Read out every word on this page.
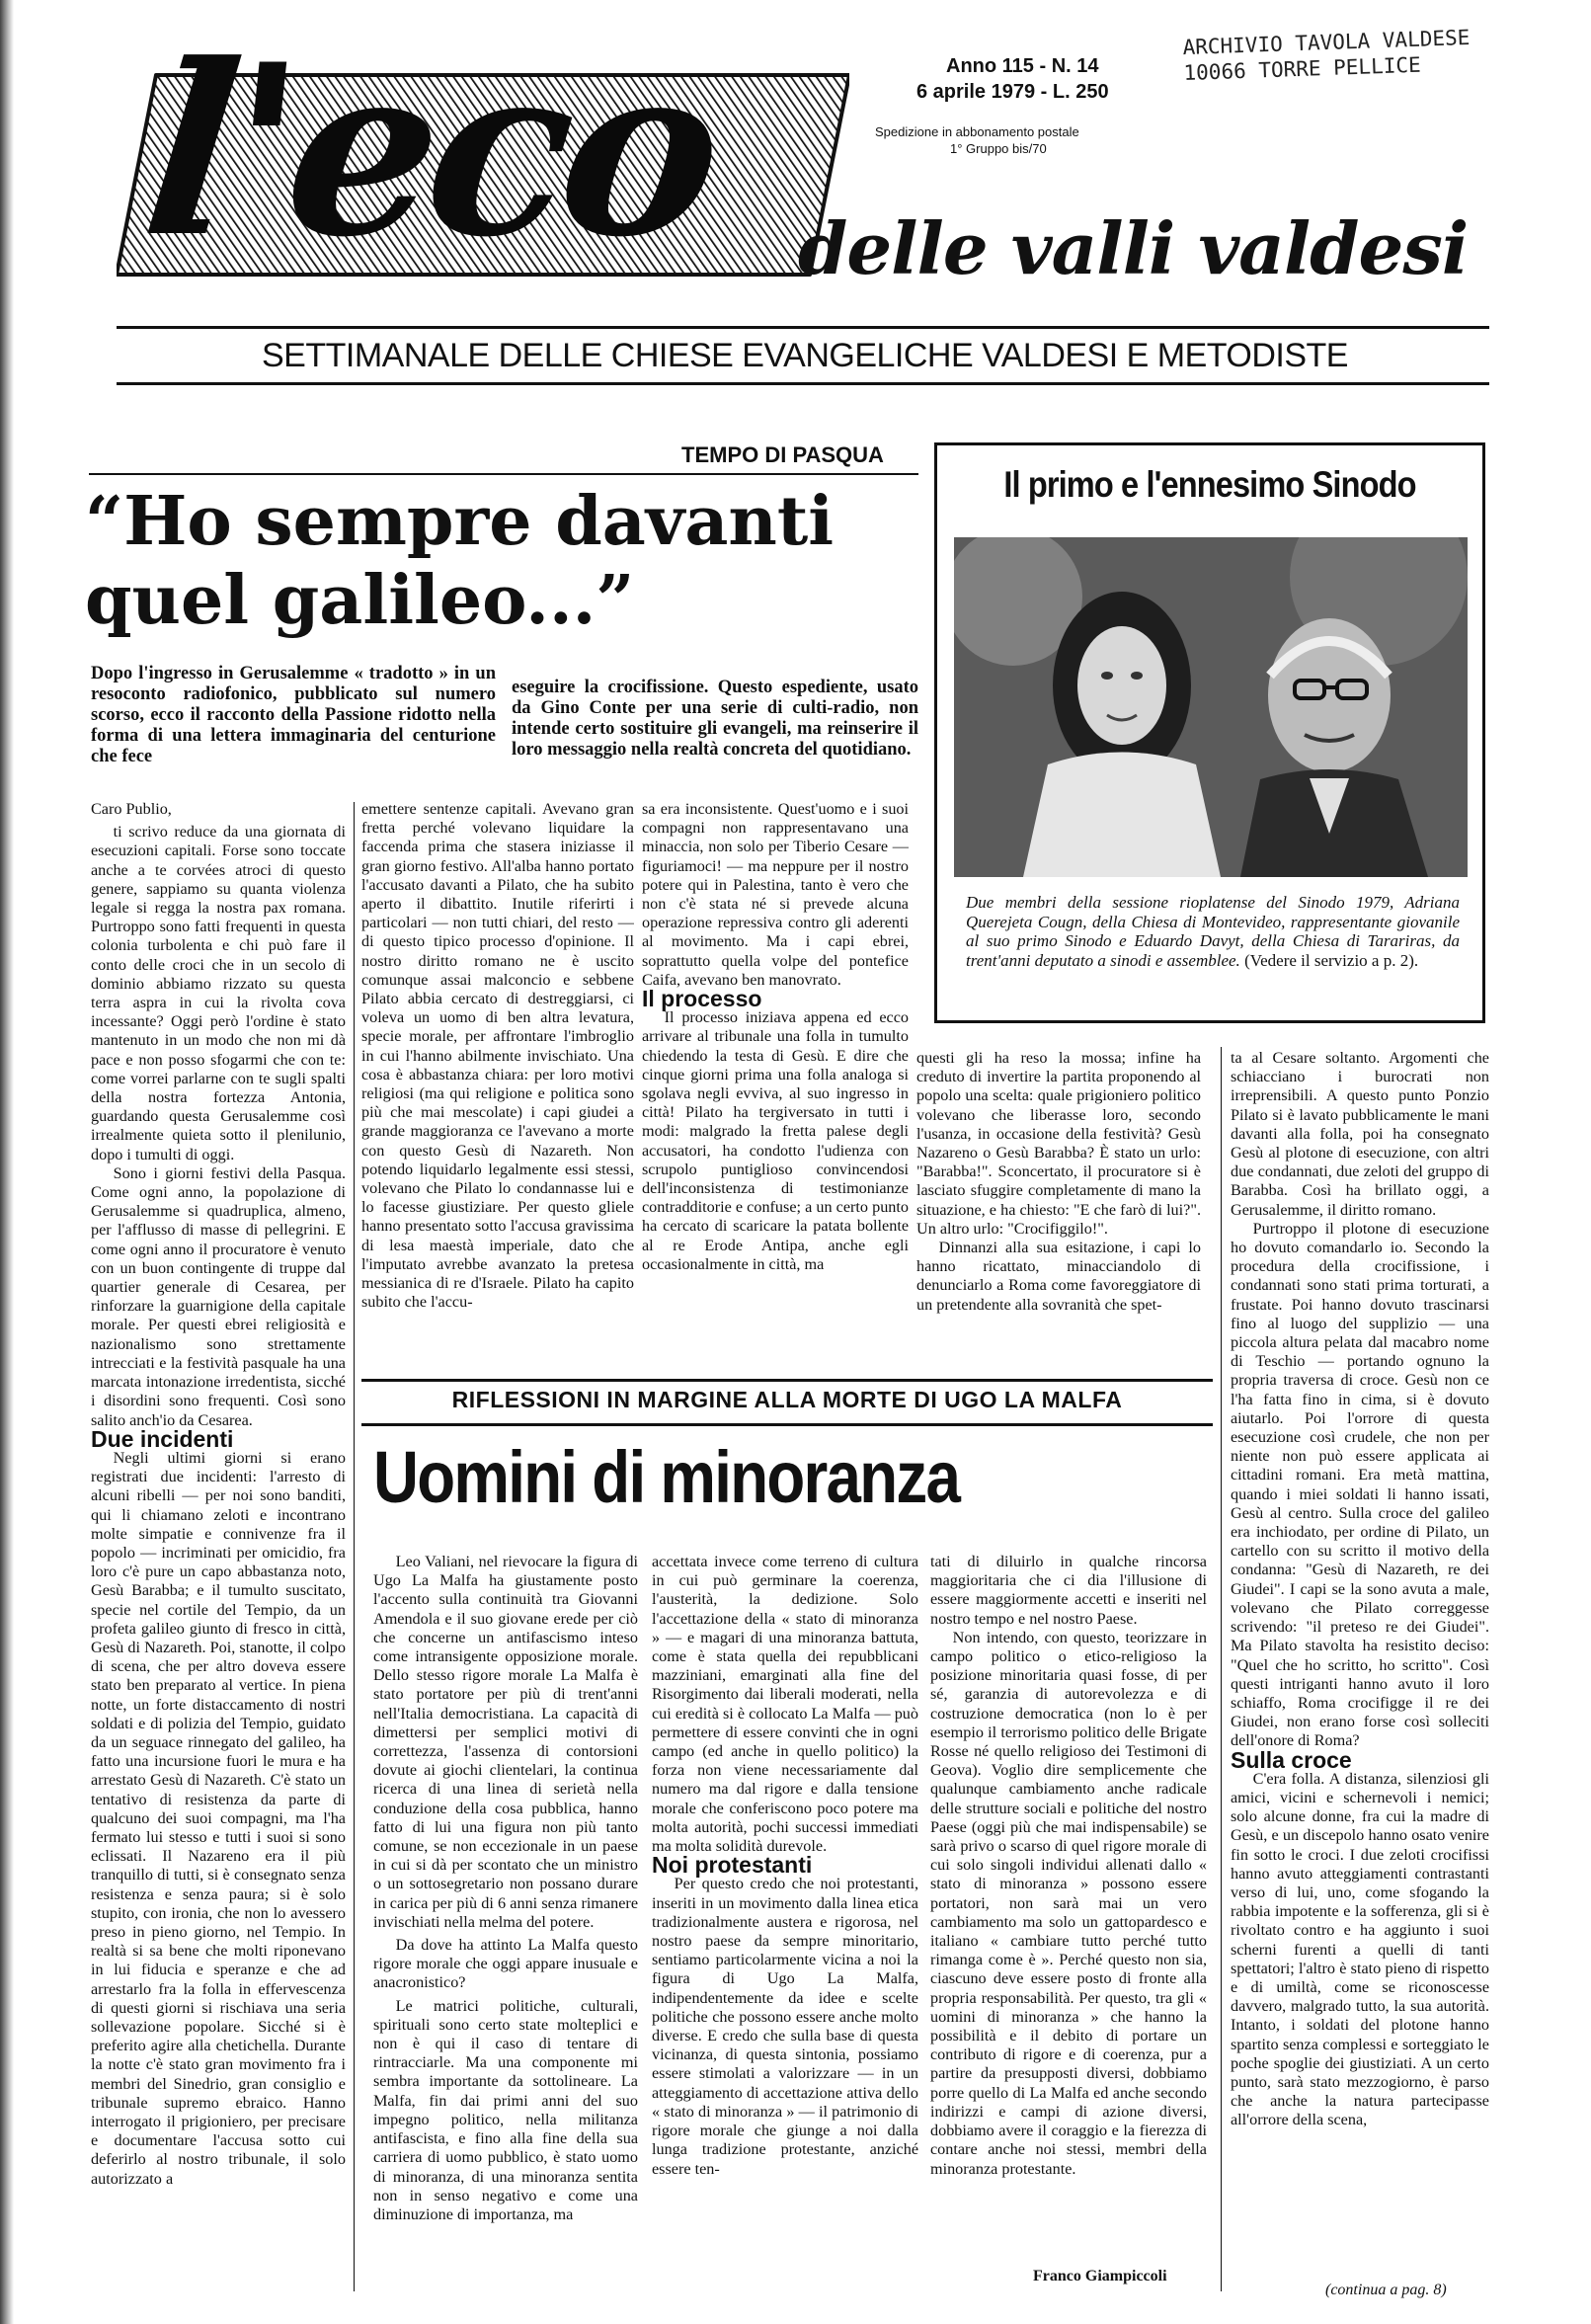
l'eco delle valli valdesi
Anno 115 - N. 14
6 aprile 1979 - L. 250
Spedizione in abbonamento postale
1° Gruppo bis/70
ARCHIVIO TAVOLA VALDESE
10066 TORRE PELLICE
SETTIMANALE DELLE CHIESE EVANGELICHE VALDESI E METODISTE
TEMPO DI PASQUA
“Ho sempre davanti
quel galileo...”
Dopo l'ingresso in Gerusalemme « tradotto » in un resoconto radiofonico, pubblicato sul numero scorso, ecco il racconto della Passione ridotto nella forma di una lettera immaginaria del centurione che fece
eseguire la crocifissione. Questo espediente, usato da Gino Conte per una serie di culti-radio, non intende certo sostituire gli evangeli, ma reinserire il loro messaggio nella realtà concreta del quotidiano.

Caro Publio,

ti scrivo reduce da una giornata di esecuzioni capitali. Forse sono toccate anche a te corvées atroci di questo genere, sappiamo su quanta violenza legale si regga la nostra pax romana. Purtroppo sono fatti frequenti in questa colonia turbolenta e chi può fare il conto delle croci che in un secolo di dominio abbiamo rizzato su questa terra aspra in cui la rivolta cova incessante? Oggi però l'ordine è stato mantenuto in un modo che non mi dà pace e non posso sfogarmi che con te: come vorrei parlarne con te sugli spalti della nostra fortezza Antonia, guardando questa Gerusalemme così irrealmente quieta sotto il plenilunio, dopo i tumulti di oggi.

Sono i giorni festivi della Pasqua. Come ogni anno, la popolazione di Gerusalemme si quadruplica, almeno, per l'afflusso di masse di pellegrini. E come ogni anno il procuratore è venuto con un buon contingente di truppe dal quartier generale di Cesarea, per rinforzare la guarnigione della capitale morale. Per questi ebrei religiosità e nazionalismo sono strettamente intrecciati e la festività pasquale ha una marcata intonazione irredentista, sicché i disordini sono frequenti. Così sono salito anch'io da Cesarea.

Due incidenti

Negli ultimi giorni si erano registrati due incidenti: l'arresto di alcuni ribelli — per noi sono banditi, qui li chiamano zeloti e incontrano molte simpatie e connivenze fra il popolo — incriminati per omicidio, fra loro c'è pure un capo abbastanza noto, Gesù Barabba; e il tumulto suscitato, specie nel cortile del Tempio, da un profeta galileo giunto di fresco in città, Gesù di Nazareth. Poi, stanotte, il colpo di scena, che per altro doveva essere stato ben preparato al vertice. In piena notte, un forte distaccamento di nostri soldati e di polizia del Tempio, guidato da un seguace rinnegato del galileo, ha fatto una incursione fuori le mura e ha arrestato Gesù di Nazareth. C'è stato un tentativo di resistenza da parte di qualcuno dei suoi compagni, ma l'ha fermato lui stesso e tutti i suoi si sono eclissati. Il Nazareno era il più tranquillo di tutti, si è consegnato senza resistenza e senza paura; si è solo stupito, con ironia, che non lo avessero preso in pieno giorno, nel Tempio. In realtà si sa bene che molti riponevano in lui fiducia e speranze e che ad arrestarlo fra la folla in effervescenza di questi giorni si rischiava una seria sollevazione popolare. Sicché si è preferito agire alla chetichella. Durante la notte c'è stato gran movimento fra i membri del Sinedrio, gran consiglio e tribunale supremo ebraico. Hanno interrogato il prigioniero, per precisare e documentare l'accusa sotto cui deferirlo al nostro tribunale, il solo autorizzato a

emettere sentenze capitali. Avevano gran fretta perché volevano liquidare la faccenda prima che stasera iniziasse il gran giorno festivo. All'alba hanno portato l'accusato davanti a Pilato, che ha subito aperto il dibattito. Inutile riferirti i particolari — non tutti chiari, del resto — di questo tipico processo d'opinione. Il nostro diritto romano ne è uscito comunque assai malconcio e sebbene Pilato abbia cercato di destreggiarsi, ci voleva un uomo di ben altra levatura, specie morale, per affrontare l'imbroglio in cui l'hanno abilmente invischiato. Una cosa è abbastanza chiara: per loro motivi religiosi (ma qui religione e politica sono più che mai mescolate) i capi giudei a grande maggioranza ce l'avevano a morte con questo Gesù di Nazareth. Non potendo liquidarlo legalmente essi stessi, volevano che Pilato lo condannasse lui e lo facesse giustiziare. Per questo gliele hanno presentato sotto l'accusa gravissima di lesa maestà imperiale, dato che l'imputato avrebbe avanzato la pretesa messianica di re d'Israele. Pilato ha capito subito che l'accu-

sa era inconsistente. Quest'uomo e i suoi compagni non rappresentavano una minaccia, non solo per Tiberio Cesare — figuriamoci! — ma neppure per il nostro potere qui in Palestina, tanto è vero che non c'è stata né si prevede alcuna operazione repressiva contro gli aderenti al movimento. Ma i capi ebrei, soprattutto quella volpe del pontefice Caifa, avevano ben manovrato.

Il processo

Il processo iniziava appena ed ecco arrivare al tribunale una folla in tumulto chiedendo la testa di Gesù. E dire che cinque giorni prima una folla analoga si sgolava negli evviva, al suo ingresso in città! Pilato ha tergiversato in tutti i modi: malgrado la fretta palese degli accusatori, ha condotto l'udienza con scrupolo puntiglioso convincendosi dell'inconsistenza di testimonianze contradditorie e confuse; a un certo punto ha cercato di scaricare la patata bollente al re Erode Antipa, anche egli occasionalmente in città, ma

Il primo e l'ennesimo Sinodo
Due membri della sessione rioplatense del Sinodo 1979, Adriana Querejeta Cougn, della Chiesa di Montevideo, rappresentante giovanile al suo primo Sinodo e Eduardo Davyt, della Chiesa di Tarariras, da trent'anni deputato a sinodi e assemblee. (Vedere il servizio a p. 2).

questi gli ha reso la mossa; infine ha creduto di invertire la partita proponendo al popolo una scelta: quale prigioniero politico volevano che liberasse loro, secondo l'usanza, in occasione della festività? Gesù Nazareno o Gesù Barabba? È stato un urlo: "Barabba!". Sconcertato, il procuratore si è lasciato sfuggire completamente di mano la situazione, e ha chiesto: "E che farò di lui?". Un altro urlo: "Crocifiggilo!".

Dinnanzi alla sua esitazione, i capi lo hanno ricattato, minacciandolo di denunciarlo a Roma come favoreggiatore di un pretendente alla sovranità che spet-

ta al Cesare soltanto. Argomenti che schiacciano i burocrati non irreprensibili. A questo punto Ponzio Pilato si è lavato pubblicamente le mani davanti alla folla, poi ha consegnato Gesù al plotone di esecuzione, con altri due condannati, due zeloti del gruppo di Barabba. Così ha brillato oggi, a Gerusalemme, il diritto romano.

Purtroppo il plotone di esecuzione ho dovuto comandarlo io. Secondo la procedura della crocifissione, i condannati sono stati prima torturati, a frustate. Poi hanno dovuto trascinarsi fino al luogo del supplizio — una piccola altura pelata dal macabro nome di Teschio — portando ognuno la propria traversa di croce. Gesù non ce l'ha fatta fino in cima, si è dovuto aiutarlo. Poi l'orrore di questa esecuzione così crudele, che non per niente non può essere applicata ai cittadini romani. Era metà mattina, quando i miei soldati li hanno issati, Gesù al centro. Sulla croce del galileo era inchiodato, per ordine di Pilato, un cartello con su scritto il motivo della condanna: "Gesù di Nazareth, re dei Giudei". I capi se la sono avuta a male, volevano che Pilato correggesse scrivendo: "il preteso re dei Giudei". Ma Pilato stavolta ha resistito deciso: "Quel che ho scritto, ho scritto". Così questi intriganti hanno avuto il loro schiaffo, Roma crocifigge il re dei Giudei, non erano forse così solleciti dell'onore di Roma?

Sulla croce

C'era folla. A distanza, silenziosi gli amici, vicini e schernevoli i nemici; solo alcune donne, fra cui la madre di Gesù, e un discepolo hanno osato venire fin sotto le croci. I due zeloti crocifissi hanno avuto atteggiamenti contrastanti verso di lui, uno, come sfogando la rabbia impotente e la sofferenza, gli si è rivoltato contro e ha aggiunto i suoi scherni furenti a quelli di tanti spettatori; l'altro è stato pieno di rispetto e di umiltà, come se riconoscesse davvero, malgrado tutto, la sua autorità. Intanto, i soldati del plotone hanno spartito senza complessi e sorteggiato le poche spoglie dei giustiziati. A un certo punto, sarà stato mezzogiorno, è parso che anche la natura partecipasse all'orrore della scena,

(continua a pag. 8)
RIFLESSIONI IN MARGINE ALLA MORTE DI UGO LA MALFA
Uomini di minoranza

Leo Valiani, nel rievocare la figura di Ugo La Malfa ha giustamente posto l'accento sulla continuità tra Giovanni Amendola e il suo giovane erede per ciò che concerne un antifascismo inteso come intransigente opposizione morale. Dello stesso rigore morale La Malfa è stato portatore per più di trent'anni nell'Italia democristiana. La capacità di dimettersi per semplici motivi di correttezza, l'assenza di contorsioni dovute ai giochi clientelari, la continua ricerca di una linea di serietà nella conduzione della cosa pubblica, hanno fatto di lui una figura non più tanto comune, se non eccezionale in un paese in cui si dà per scontato che un ministro o un sottosegretario non possano durare in carica per più di 6 anni senza rimanere invischiati nella melma del potere.

Da dove ha attinto La Malfa questo rigore morale che oggi appare inusuale e anacronistico?

Le matrici politiche, culturali, spirituali sono certo state molteplici e non è qui il caso di tentare di rintracciarle. Ma una componente mi sembra importante da sottolineare. La Malfa, fin dai primi anni del suo impegno politico, nella militanza antifascista, e fino alla fine della sua carriera di uomo pubblico, è stato uomo di minoranza, di una minoranza sentita non in senso negativo e come una diminuzione di importanza, ma

accettata invece come terreno di cultura in cui può germinare la coerenza, l'austerità, la dedizione. Solo l'accettazione della « stato di minoranza » — e magari di una minoranza battuta, come è stata quella dei repubblicani mazziniani, emarginati alla fine del Risorgimento dai liberali moderati, nella cui eredità si è collocato La Malfa — può permettere di essere convinti che in ogni campo (ed anche in quello politico) la forza non viene necessariamente dal numero ma dal rigore e dalla tensione morale che conferiscono poco potere ma molta autorità, pochi successi immediati ma molta solidità durevole.

Noi protestanti

Per questo credo che noi protestanti, inseriti in un movimento dalla linea etica tradizionalmente austera e rigorosa, nel nostro paese da sempre minoritario, sentiamo particolarmente vicina a noi la figura di Ugo La Malfa, indipendentemente da idee e scelte politiche che possono essere anche molto diverse. E credo che sulla base di questa vicinanza, di questa sintonia, possiamo essere stimolati a valorizzare — in un atteggiamento di accettazione attiva dello « stato di minoranza » — il patrimonio di rigore morale che giunge a noi dalla lunga tradizione protestante, anziché essere ten-

tati di diluirlo in qualche rincorsa maggioritaria che ci dia l'illusione di essere maggiormente accetti e inseriti nel nostro tempo e nel nostro Paese.

Non intendo, con questo, teorizzare in campo politico o etico-religioso la posizione minoritaria quasi fosse, di per sé, garanzia di autorevolezza e di costruzione democratica (non lo è per esempio il terrorismo politico delle Brigate Rosse né quello religioso dei Testimoni di Geova). Voglio dire semplicemente che qualunque cambiamento anche radicale delle strutture sociali e politiche del nostro Paese (oggi più che mai indispensabile) se sarà privo o scarso di quel rigore morale di cui solo singoli individui allenati dallo « stato di minoranza » possono essere portatori, non sarà mai un vero cambiamento ma solo un gattopardesco e italiano « cambiare tutto perché tutto rimanga come è ». Perché questo non sia, ciascuno deve essere posto di fronte alla propria responsabilità. Per questo, tra gli « uomini di minoranza » che hanno la possibilità e il debito di portare un contributo di rigore e di coerenza, pur a partire da presupposti diversi, dobbiamo porre quello di La Malfa ed anche secondo indirizzi e campi di azione diversi, dobbiamo avere il coraggio e la fierezza di contare anche noi stessi, membri della minoranza protestante.

Franco Giampiccoli
